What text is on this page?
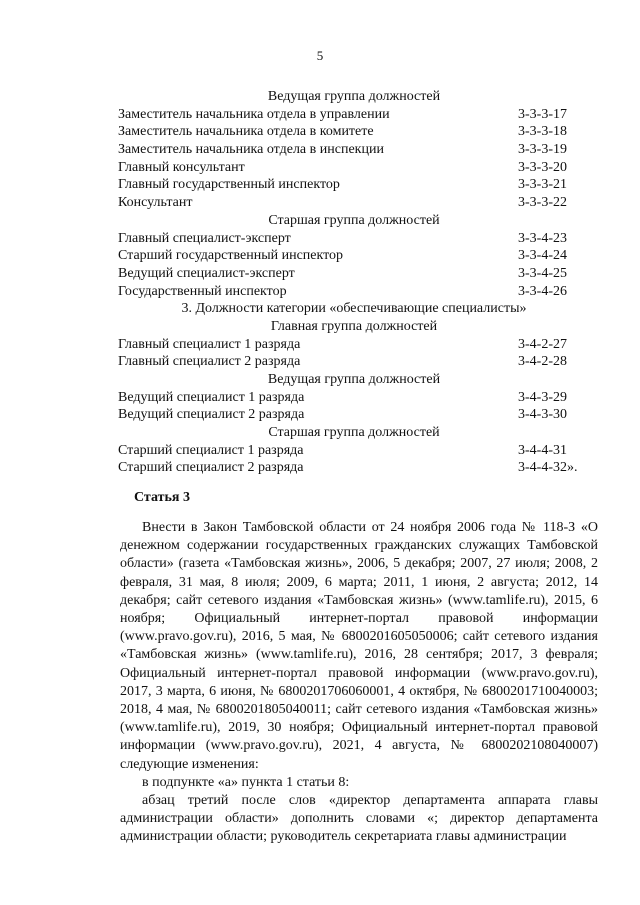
5
Ведущая группа должностей
Заместитель начальника отдела в управлении	3-3-3-17
Заместитель начальника отдела в комитете	3-3-3-18
Заместитель начальника отдела в инспекции	3-3-3-19
Главный консультант	3-3-3-20
Главный государственный инспектор	3-3-3-21
Консультант	3-3-3-22
Старшая группа должностей
Главный специалист-эксперт	3-3-4-23
Старший государственный инспектор	3-3-4-24
Ведущий специалист-эксперт	3-3-4-25
Государственный инспектор	3-3-4-26
3. Должности категории «обеспечивающие специалисты»
Главная группа должностей
Главный специалист 1 разряда	3-4-2-27
Главный специалист 2 разряда	3-4-2-28
Ведущая группа должностей
Ведущий специалист 1 разряда	3-4-3-29
Ведущий специалист 2 разряда	3-4-3-30
Старшая группа должностей
Старший специалист 1 разряда	3-4-4-31
Старший специалист 2 разряда	3-4-4-32».
Статья 3

Внести в Закон Тамбовской области от 24 ноября 2006 года № 118-З «О денежном содержании государственных гражданских служащих Тамбовской области» (газета «Тамбовская жизнь», 2006, 5 декабря; 2007, 27 июля; 2008, 2 февраля, 31 мая, 8 июля; 2009, 6 марта; 2011, 1 июня, 2 августа; 2012, 14 декабря; сайт сетевого издания «Тамбовская жизнь» (www.tamlife.ru), 2015, 6 ноября; Официальный интернет-портал правовой информации (www.pravo.gov.ru), 2016, 5 мая, № 6800201605050006; сайт сетевого издания «Тамбовская жизнь» (www.tamlife.ru), 2016, 28 сентября; 2017, 3 февраля; Официальный интернет-портал правовой информации (www.pravo.gov.ru), 2017, 3 марта, 6 июня, № 6800201706060001, 4 октября, № 6800201710040003; 2018, 4 мая, № 6800201805040011; сайт сетевого издания «Тамбовская жизнь» (www.tamlife.ru), 2019, 30 ноября; Официальный интернет-портал правовой информации (www.pravo.gov.ru), 2021, 4 августа, № 6800202108040007) следующие изменения:

в подпункте «а» пункта 1 статьи 8:

абзац третий после слов «директор департамента аппарата главы администрации области» дополнить словами «; директор департамента администрации области; руководитель секретариата главы администрации
